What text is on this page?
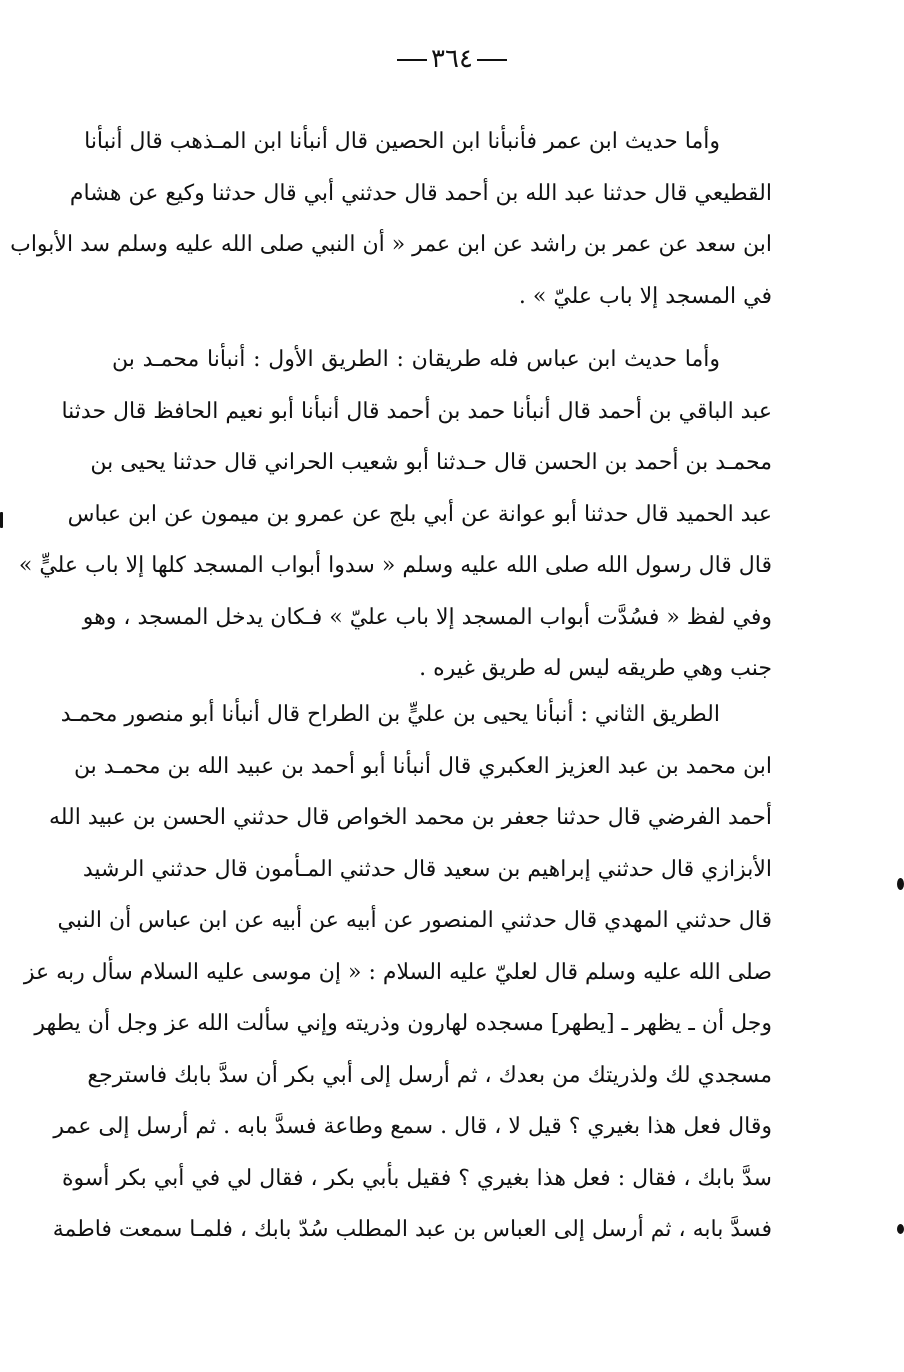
٣٦٤
وأما حديث ابن عمر فأنبأنا ابن الحصين قال أنبأنا ابن المـذهب قال أنبأنا
القطيعي قال حدثنا عبد الله بن أحمد قال حدثني أبي قال حدثنا وكيع عن هشام
ابن سعد عن عمر بن راشد عن ابن عمر « أن النبي صلى الله عليه وسلم سد الأبواب
في المسجد إلا باب عليّ » .
وأما حديث ابن عباس فله طريقان : الطريق الأول : أنبأنا محمـد بن
عبد الباقي بن أحمد قال أنبأنا حمد بن أحمد قال أنبأنا أبو نعيم الحافظ قال حدثنا
محمـد بن أحمد بن الحسن قال حـدثنا أبو شعيب الحراني قال حدثنا يحيى بن
عبد الحميد قال حدثنا أبو عوانة عن أبي بلج عن عمرو بن ميمون عن ابن عباس
قال قال رسول الله صلى الله عليه وسلم « سدوا أبواب المسجد كلها إلا باب عليٍّ »
وفي لفظ « فسُدَّت أبواب المسجد إلا باب عليّ » فـكان يدخل المسجد ، وهو
جنب وهي طريقه ليس له طريق غيره .
الطريق الثاني : أنبأنا يحيى بن عليٍّ بن الطراح قال أنبأنا أبو منصور محمـد
ابن محمد بن عبد العزيز العكبري قال أنبأنا أبو أحمد بن عبيد الله بن محمـد بن
أحمد الفرضي قال حدثنا جعفر بن محمد الخواص قال حدثني الحسن بن عبيد الله
الأبزازي قال حدثني إبراهيم بن سعيد قال حدثني المـأمون قال حدثني الرشيد
قال حدثني المهدي قال حدثني المنصور عن أبيه عن أبيه عن ابن عباس أن النبي
صلى الله عليه وسلم قال لعليّ عليه السلام : « إن موسى عليه السلام سأل ربه عز
وجل أن ـ يظهر ـ [يطهر] مسجده لهارون وذريته وإني سألت الله عز وجل أن يطهر
مسجدي لك ولذريتك من بعدك ، ثم أرسل إلى أبي بكر أن سدَّ بابك فاسترجع
وقال فعل هذا بغيري ؟ قيل لا ، قال . سمع وطاعة فسدَّ بابه . ثم أرسل إلى عمر
سدَّ بابك ، فقال : فعل هذا بغيري ؟ فقيل بأبي بكر ، فقال لي في أبي بكر أسوة
فسدَّ بابه ، ثم أرسل إلى العباس بن عبد المطلب سُدّ بابك ، فلمـا سمعت فاطمة
